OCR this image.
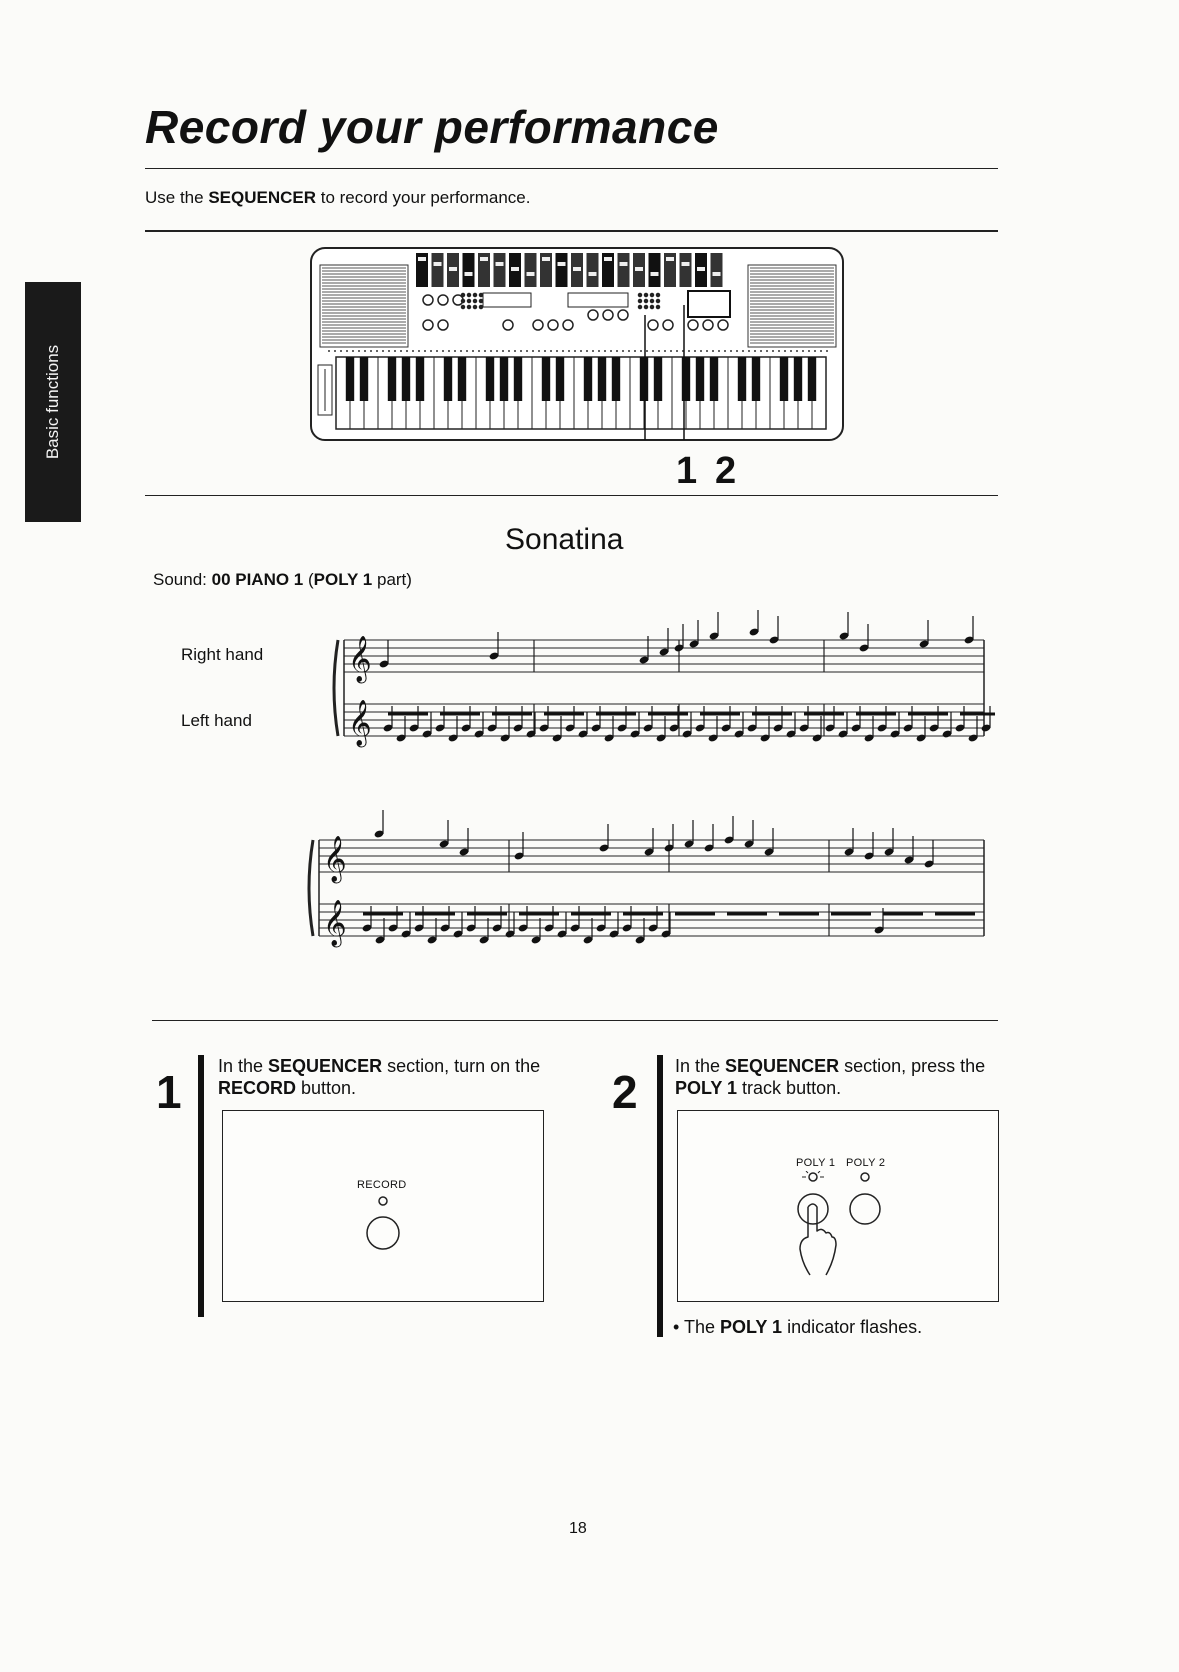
Basic functions
Record your performance
Use the SEQUENCER to record your performance.
1 2
Sonatina
Sound: 00 PIANO 1 (POLY 1 part)
Right hand
Left hand
𝄞
𝄞
𝄞
𝄞
1 In the SEQUENCER section, turn on the RECORD button.
RECORD
2 In the SEQUENCER section, press the POLY 1 track button.
POLY 1 POLY 2
• The POLY 1 indicator flashes.
18
